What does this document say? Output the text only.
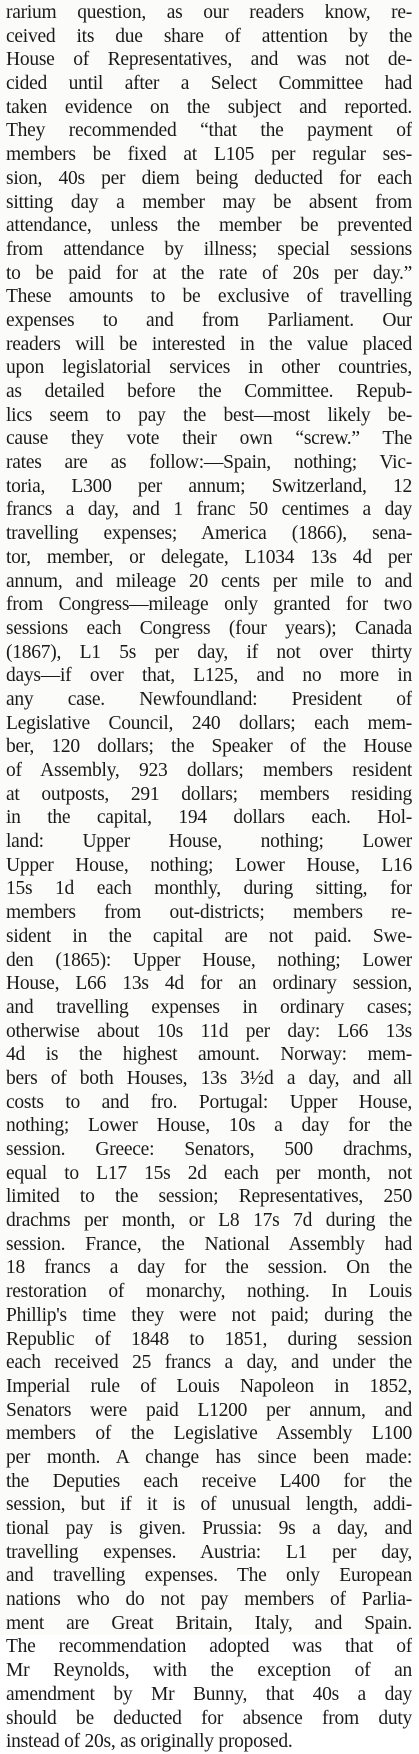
rarium question, as our readers know, re-
ceived its due share of attention by the
House of Representatives, and was not de-
cided until after a Select Committee had
taken evidence on the subject and reported.
They recommended “that the payment of
members be fixed at L105 per regular ses-
sion, 40s per diem being deducted for each
sitting day a member may be absent from
attendance, unless the member be prevented
from attendance by illness; special sessions
to be paid for at the rate of 20s per day.”
These amounts to be exclusive of travelling
expenses to and from Parliament. Our
readers will be interested in the value placed
upon legislatorial services in other countries,
as detailed before the Committee. Repub-
lics seem to pay the best—most likely be-
cause they vote their own “screw.” The
rates are as follow:—Spain, nothing; Vic-
toria, L300 per annum; Switzerland, 12
francs a day, and 1 franc 50 centimes a day
travelling expenses; America (1866), sena-
tor, member, or delegate, L1034 13s 4d per
annum, and mileage 20 cents per mile to and
from Congress—mileage only granted for two
sessions each Congress (four years); Canada
(1867), L1 5s per day, if not over thirty
days—if over that, L125, and no more in
any case. Newfoundland: President of
Legislative Council, 240 dollars; each mem-
ber, 120 dollars; the Speaker of the House
of Assembly, 923 dollars; members resident
at outposts, 291 dollars; members residing
in the capital, 194 dollars each. Hol-
land: Upper House, nothing; Lower
Upper House, nothing; Lower House, L16
15s 1d each monthly, during sitting, for
members from out-districts; members re-
sident in the capital are not paid. Swe-
den (1865): Upper House, nothing; Lower
House, L66 13s 4d for an ordinary session,
and travelling expenses in ordinary cases;
otherwise about 10s 11d per day: L66 13s
4d is the highest amount. Norway: mem-
bers of both Houses, 13s 3½d a day, and all
costs to and fro. Portugal: Upper House,
nothing; Lower House, 10s a day for the
session. Greece: Senators, 500 drachms,
equal to L17 15s 2d each per month, not
limited to the session; Representatives, 250
drachms per month, or L8 17s 7d during the
session. France, the National Assembly had
18 francs a day for the session. On the
restoration of monarchy, nothing. In Louis
Phillip's time they were not paid; during the
Republic of 1848 to 1851, during session
each received 25 francs a day, and under the
Imperial rule of Louis Napoleon in 1852,
Senators were paid L1200 per annum, and
members of the Legislative Assembly L100
per month. A change has since been made:
the Deputies each receive L400 for the
session, but if it is of unusual length, addi-
tional pay is given. Prussia: 9s a day, and
travelling expenses. Austria: L1 per day,
and travelling expenses. The only European
nations who do not pay members of Parlia-
ment are Great Britain, Italy, and Spain.
The recommendation adopted was that of
Mr Reynolds, with the exception of an
amendment by Mr Bunny, that 40s a day
should be deducted for absence from duty
instead of 20s, as originally proposed.
